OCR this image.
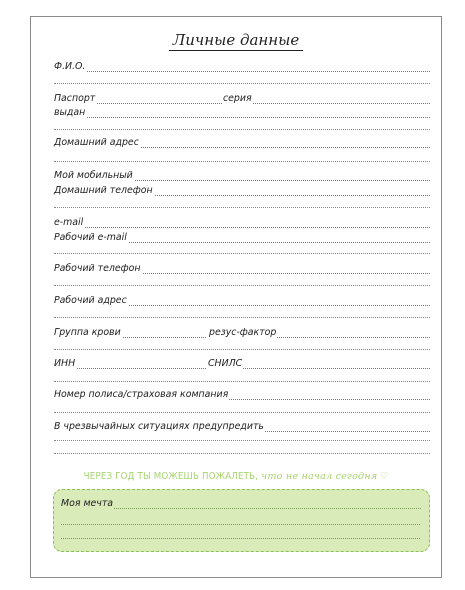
Личные данные
Ф.И.О.
Паспорт	серия
выдан
Домашний адрес
Мой мобильный
Домашний телефон
e-mail
Рабочий e-mail
Рабочий телефон
Рабочий адрес
Группа крови	резус-фактор
ИНН	СНИЛС
Номер полиса/страховая компания
В чрезвычайных ситуациях предупредить
ЧЕРЕЗ ГОД ТЫ МОЖЕШЬ ПОЖАЛЕТЬ, что не начал сегодня ♡
Моя мечта
